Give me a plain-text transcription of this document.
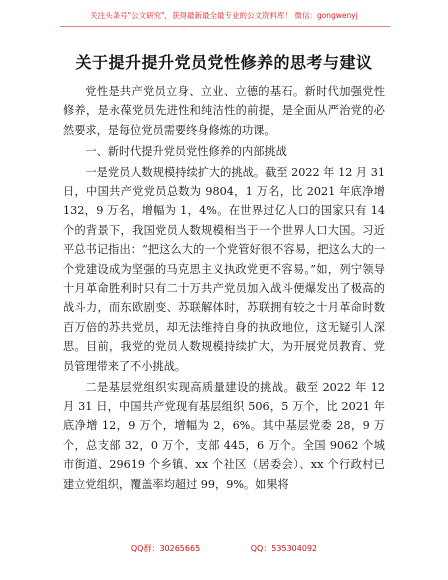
关注头条号"公文研究"，获得最新最全最专业的公文资料库！ 微信：gongwenyj
关于提升提升党员党性修养的思考与建议

党性是共产党员立身、立业、立德的基石。新时代加强党性修养，是永葆党员先进性和纯洁性的前提，是全面从严治党的必然要求，是每位党员需要终身修炼的功课。

一、新时代提升党员党性修养的内部挑战

一是党员人数规模持续扩大的挑战。截至 2022 年 12 月 31 日，中国共产党党员总数为 9804，1 万名，比 2021 年底净增 132，9 万名，增幅为 1，4%。在世界过亿人口的国家只有 14 个的背景下，我国党员人数规模相当于一个世界人口大国。习近平总书记指出：“把这么大的一个党管好很不容易，把这么大的一个党建设成为坚强的马克思主义执政党更不容易。”如，列宁领导十月革命胜利时只有二十万共产党员加入战斗便爆发出了极高的战斗力，而东欧剧变、苏联解体时，苏联拥有较之十月革命时数百万倍的苏共党员，却无法维持自身的执政地位，这无疑引人深思。目前，我党的党员人数规模持续扩大，为开展党员教育、党员管理带来了不小挑战。

二是基层党组织实现高质量建设的挑战。截至 2022 年 12 月 31 日，中国共产党现有基层组织 506，5 万个，比 2021 年底净增 12，9 万个，增幅为 2，6%。其中基层党委 28，9 万个，总支部 32，0 万个，支部 445，6 万个。全国 9062 个城市街道、29619 个乡镇、xx 个社区（居委会）、xx 个行政村已建立党组织，覆盖率均超过 99，9%。如果将

QQ群：30265665	QQ：535304092
